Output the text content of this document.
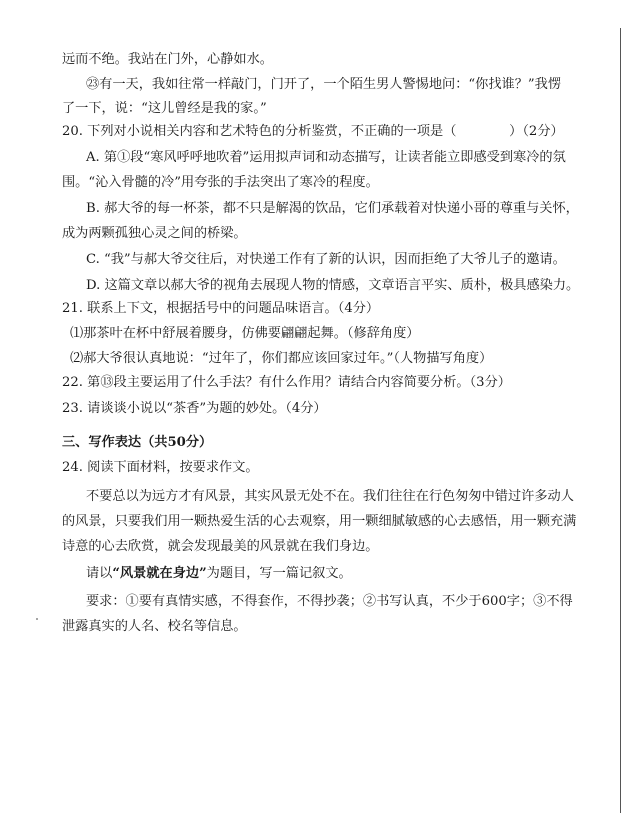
远而不绝。我站在门外，心静如水。
㉓有一天，我如往常一样敲门，门开了，一个陌生男人警惕地问：“你找谁？”我愣
了一下，说：“这儿曾经是我的家。”
20. 下列对小说相关内容和艺术特色的分析鉴赏，不正确的一项是（　　　　）（2分）
A. 第①段“寒风呼呼地吹着”运用拟声词和动态描写，让读者能立即感受到寒冷的氛
围。“沁入骨髓的冷”用夸张的手法突出了寒冷的程度。
B. 郝大爷的每一杯茶，都不只是解渴的饮品，它们承载着对快递小哥的尊重与关怀，
成为两颗孤独心灵之间的桥梁。
C. “我”与郝大爷交往后，对快递工作有了新的认识，因而拒绝了大爷儿子的邀请。
D. 这篇文章以郝大爷的视角去展现人物的情感，文章语言平实、质朴，极具感染力。
21. 联系上下文，根据括号中的问题品味语言。（4分）
⑴那茶叶在杯中舒展着腰身，仿佛要翩翩起舞。（修辞角度）
⑵郝大爷很认真地说：“过年了，你们都应该回家过年。”（人物描写角度）
22. 第⑬段主要运用了什么手法？有什么作用？请结合内容简要分析。（3分）
23. 请谈谈小说以“茶香”为题的妙处。（4分）
三、写作表达（共50分）
24. 阅读下面材料，按要求作文。
不要总以为远方才有风景，其实风景无处不在。我们往往在行色匆匆中错过许多动人
的风景，只要我们用一颗热爱生活的心去观察，用一颗细腻敏感的心去感悟，用一颗充满
诗意的心去欣赏，就会发现最美的风景就在我们身边。
请以“风景就在身边”为题目，写一篇记叙文。
要求：①要有真情实感，不得套作，不得抄袭；②书写认真，不少于600字；③不得
泄露真实的人名、校名等信息。
